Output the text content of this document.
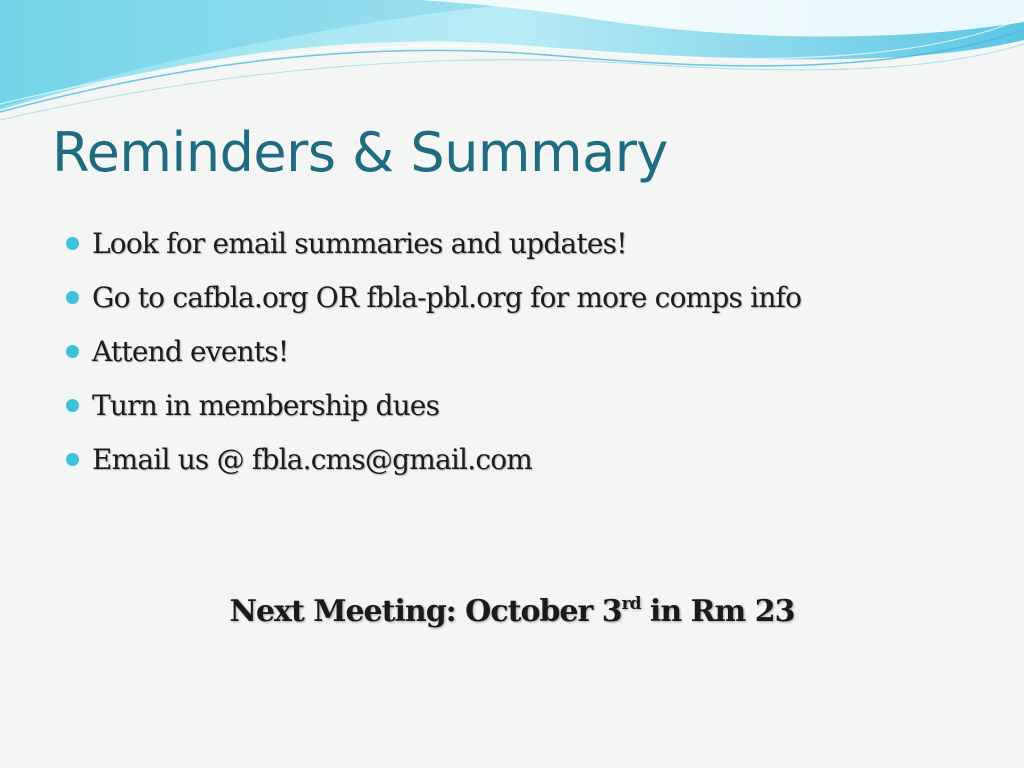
Reminders & Summary
Look for email summaries and updates!
Go to cafbla.org OR fbla-pbl.org for more comps info
Attend events!
Turn in membership dues
Email us @ fbla.cms@gmail.com
Next Meeting: October 3rd in Rm 23
